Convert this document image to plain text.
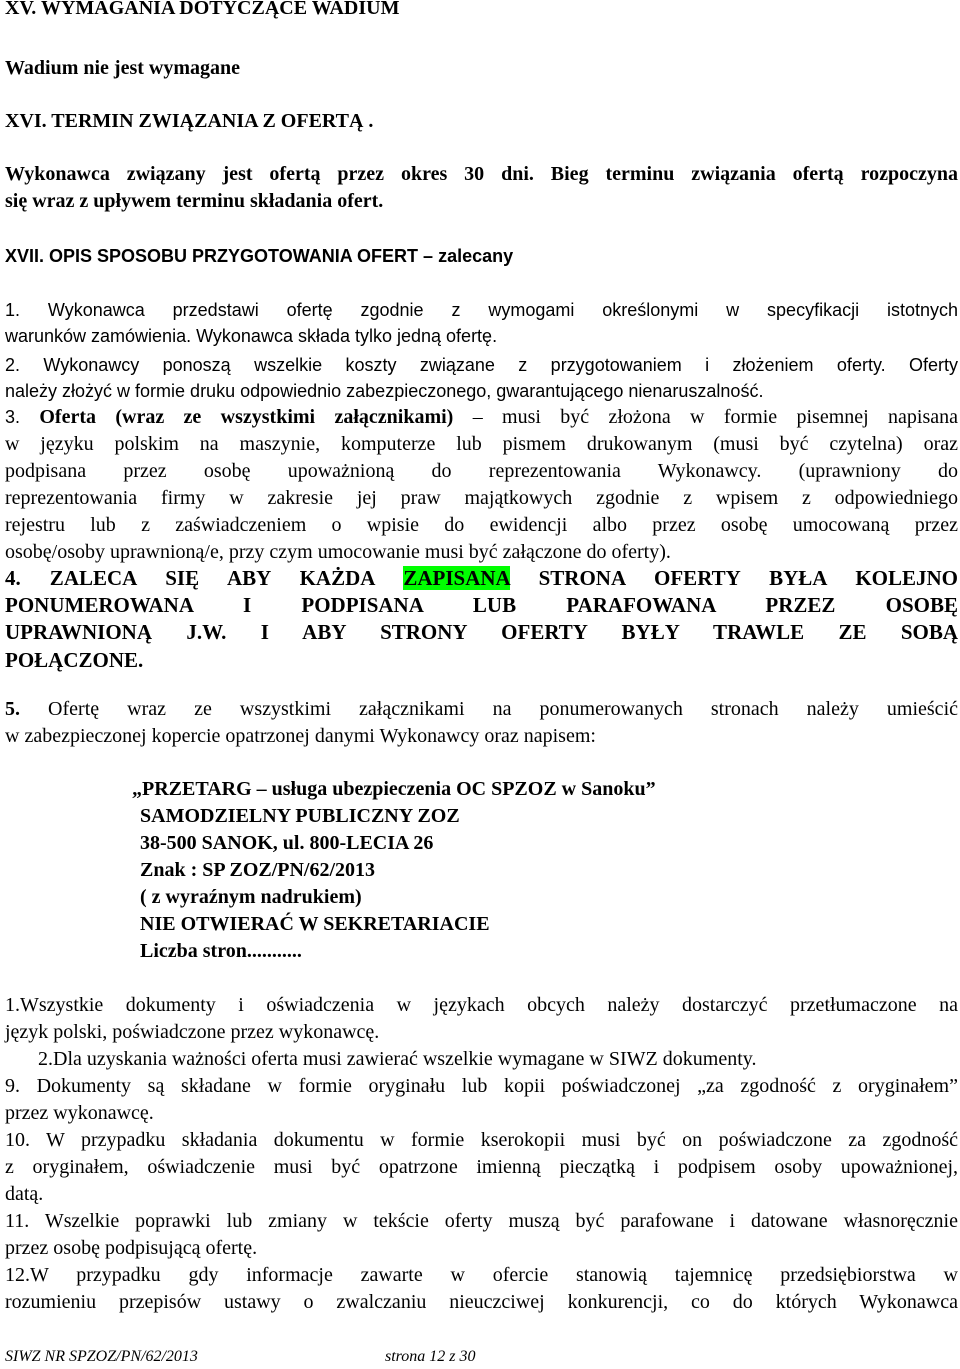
XV. WYMAGANIA DOTYCZĄCE WADIUM
Wadium nie jest wymagane
XVI. TERMIN ZWIĄZANIA Z OFERTĄ .
Wykonawca związany jest ofertą przez okres 30 dni. Bieg terminu związania ofertą rozpoczyna
się wraz z upływem terminu składania ofert.
XVII. OPIS SPOSOBU PRZYGOTOWANIA OFERT – zalecany
1. Wykonawca przedstawi ofertę zgodnie z wymogami określonymi w specyfikacji istotnych
warunków zamówienia. Wykonawca składa tylko jedną ofertę.
2. Wykonawcy ponoszą wszelkie koszty związane z przygotowaniem i złożeniem oferty. Oferty
należy złożyć w formie druku odpowiednio zabezpieczonego, gwarantującego nienaruszalność.
3. Oferta (wraz ze wszystkimi załącznikami) – musi być złożona w formie pisemnej napisana
w języku polskim na maszynie, komputerze lub pismem drukowanym (musi być czytelna) oraz
podpisana przez osobę upoważnioną do reprezentowania Wykonawcy. (uprawniony do
reprezentowania firmy w zakresie jej praw majątkowych zgodnie z wpisem z odpowiedniego
rejestru lub z zaświadczeniem o wpisie do ewidencji albo przez osobę umocowaną przez
osobę/osoby uprawnioną/e, przy czym umocowanie musi być załączone do oferty).
4. ZALECA SIĘ ABY KAŻDA ZAPISANA STRONA OFERTY BYŁA KOLEJNO
PONUMEROWANA I PODPISANA LUB PARAFOWANA PRZEZ OSOBĘ
UPRAWNIONĄ J.W. I ABY STRONY OFERTY BYŁY TRAWLE ZE SOBĄ
POŁĄCZONE.
5. Ofertę wraz ze wszystkimi załącznikami na ponumerowanych stronach należy umieścić
w zabezpieczonej kopercie opatrzonej danymi Wykonawcy oraz napisem:
„PRZETARG – usługa ubezpieczenia OC SPZOZ w Sanoku”
SAMODZIELNY PUBLICZNY ZOZ
38-500 SANOK, ul. 800-LECIA 26
Znak : SP ZOZ/PN/62/2013
( z wyraźnym nadrukiem)
NIE OTWIERAĆ W SEKRETARIACIE
Liczba stron...........
1.Wszystkie dokumenty i oświadczenia w językach obcych należy dostarczyć przetłumaczone na
język polski, poświadczone przez wykonawcę.
2.Dla uzyskania ważności oferta musi zawierać wszelkie wymagane w SIWZ dokumenty.
9. Dokumenty są składane w formie oryginału lub kopii poświadczonej „za zgodność z oryginałem”
przez wykonawcę.
10. W przypadku składania dokumentu w formie kserokopii musi być on poświadczone za zgodność
z oryginałem, oświadczenie musi być opatrzone imienną pieczątką i podpisem osoby upoważnionej,
datą.
11. Wszelkie poprawki lub zmiany w tekście oferty muszą być parafowane i datowane własnoręcznie
przez osobę podpisującą ofertę.
12.W przypadku gdy informacje zawarte w ofercie stanowią tajemnicę przedsiębiorstwa w
rozumieniu przepisów ustawy o zwalczaniu nieuczciwej konkurencji, co do których Wykonawca
SIWZ NR SPZOZ/PN/62/2013	strona 12 z 30
